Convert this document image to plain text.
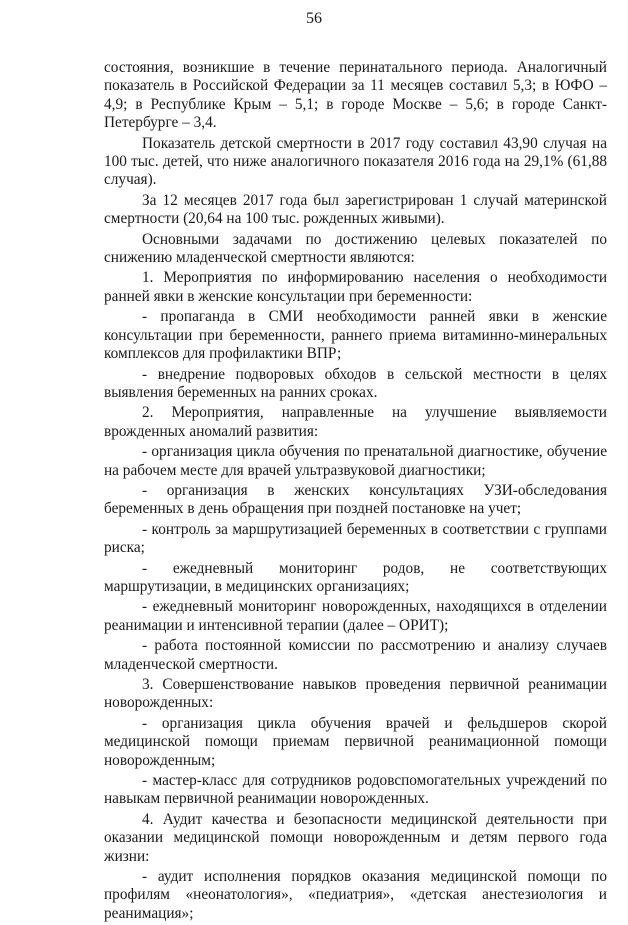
56

состояния, возникшие в течение перинатального периода. Аналогичный показатель в Российской Федерации за 11 месяцев составил 5,3; в ЮФО – 4,9; в Республике Крым – 5,1; в городе Москве – 5,6; в городе Санкт-Петербурге – 3,4.

Показатель детской смертности в 2017 году составил 43,90 случая на 100 тыс. детей, что ниже аналогичного показателя 2016 года на 29,1% (61,88 случая).

За 12 месяцев 2017 года был зарегистрирован 1 случай материнской смертности (20,64 на 100 тыс. рожденных живыми).

Основными задачами по достижению целевых показателей по снижению младенческой смертности являются:

1. Мероприятия по информированию населения о необходимости ранней явки в женские консультации при беременности:

- пропаганда в СМИ необходимости ранней явки в женские консультации при беременности, раннего приема витаминно-минеральных комплексов для профилактики ВПР;

- внедрение подворовых обходов в сельской местности в целях выявления беременных на ранних сроках.

2. Мероприятия, направленные на улучшение выявляемости врожденных аномалий развития:

- организация цикла обучения по пренатальной диагностике, обучение на рабочем месте для врачей ультразвуковой диагностики;

- организация в женских консультациях УЗИ-обследования беременных в день обращения при поздней постановке на учет;

- контроль за маршрутизацией беременных в соответствии с группами риска;

- ежедневный мониторинг родов, не соответствующих маршрутизации, в медицинских организациях;

- ежедневный мониторинг новорожденных, находящихся в отделении реанимации и интенсивной терапии (далее – ОРИТ);

- работа постоянной комиссии по рассмотрению и анализу случаев младенческой смертности.

3. Совершенствование навыков проведения первичной реанимации новорожденных:

- организация цикла обучения врачей и фельдшеров скорой медицинской помощи приемам первичной реанимационной помощи новорожденным;

- мастер-класс для сотрудников родовспомогательных учреждений по навыкам первичной реанимации новорожденных.

4. Аудит качества и безопасности медицинской деятельности при оказании медицинской помощи новорожденным и детям первого года жизни:

- аудит исполнения порядков оказания медицинской помощи по профилям «неонатология», «педиатрия», «детская анестезиология и реанимация»;
